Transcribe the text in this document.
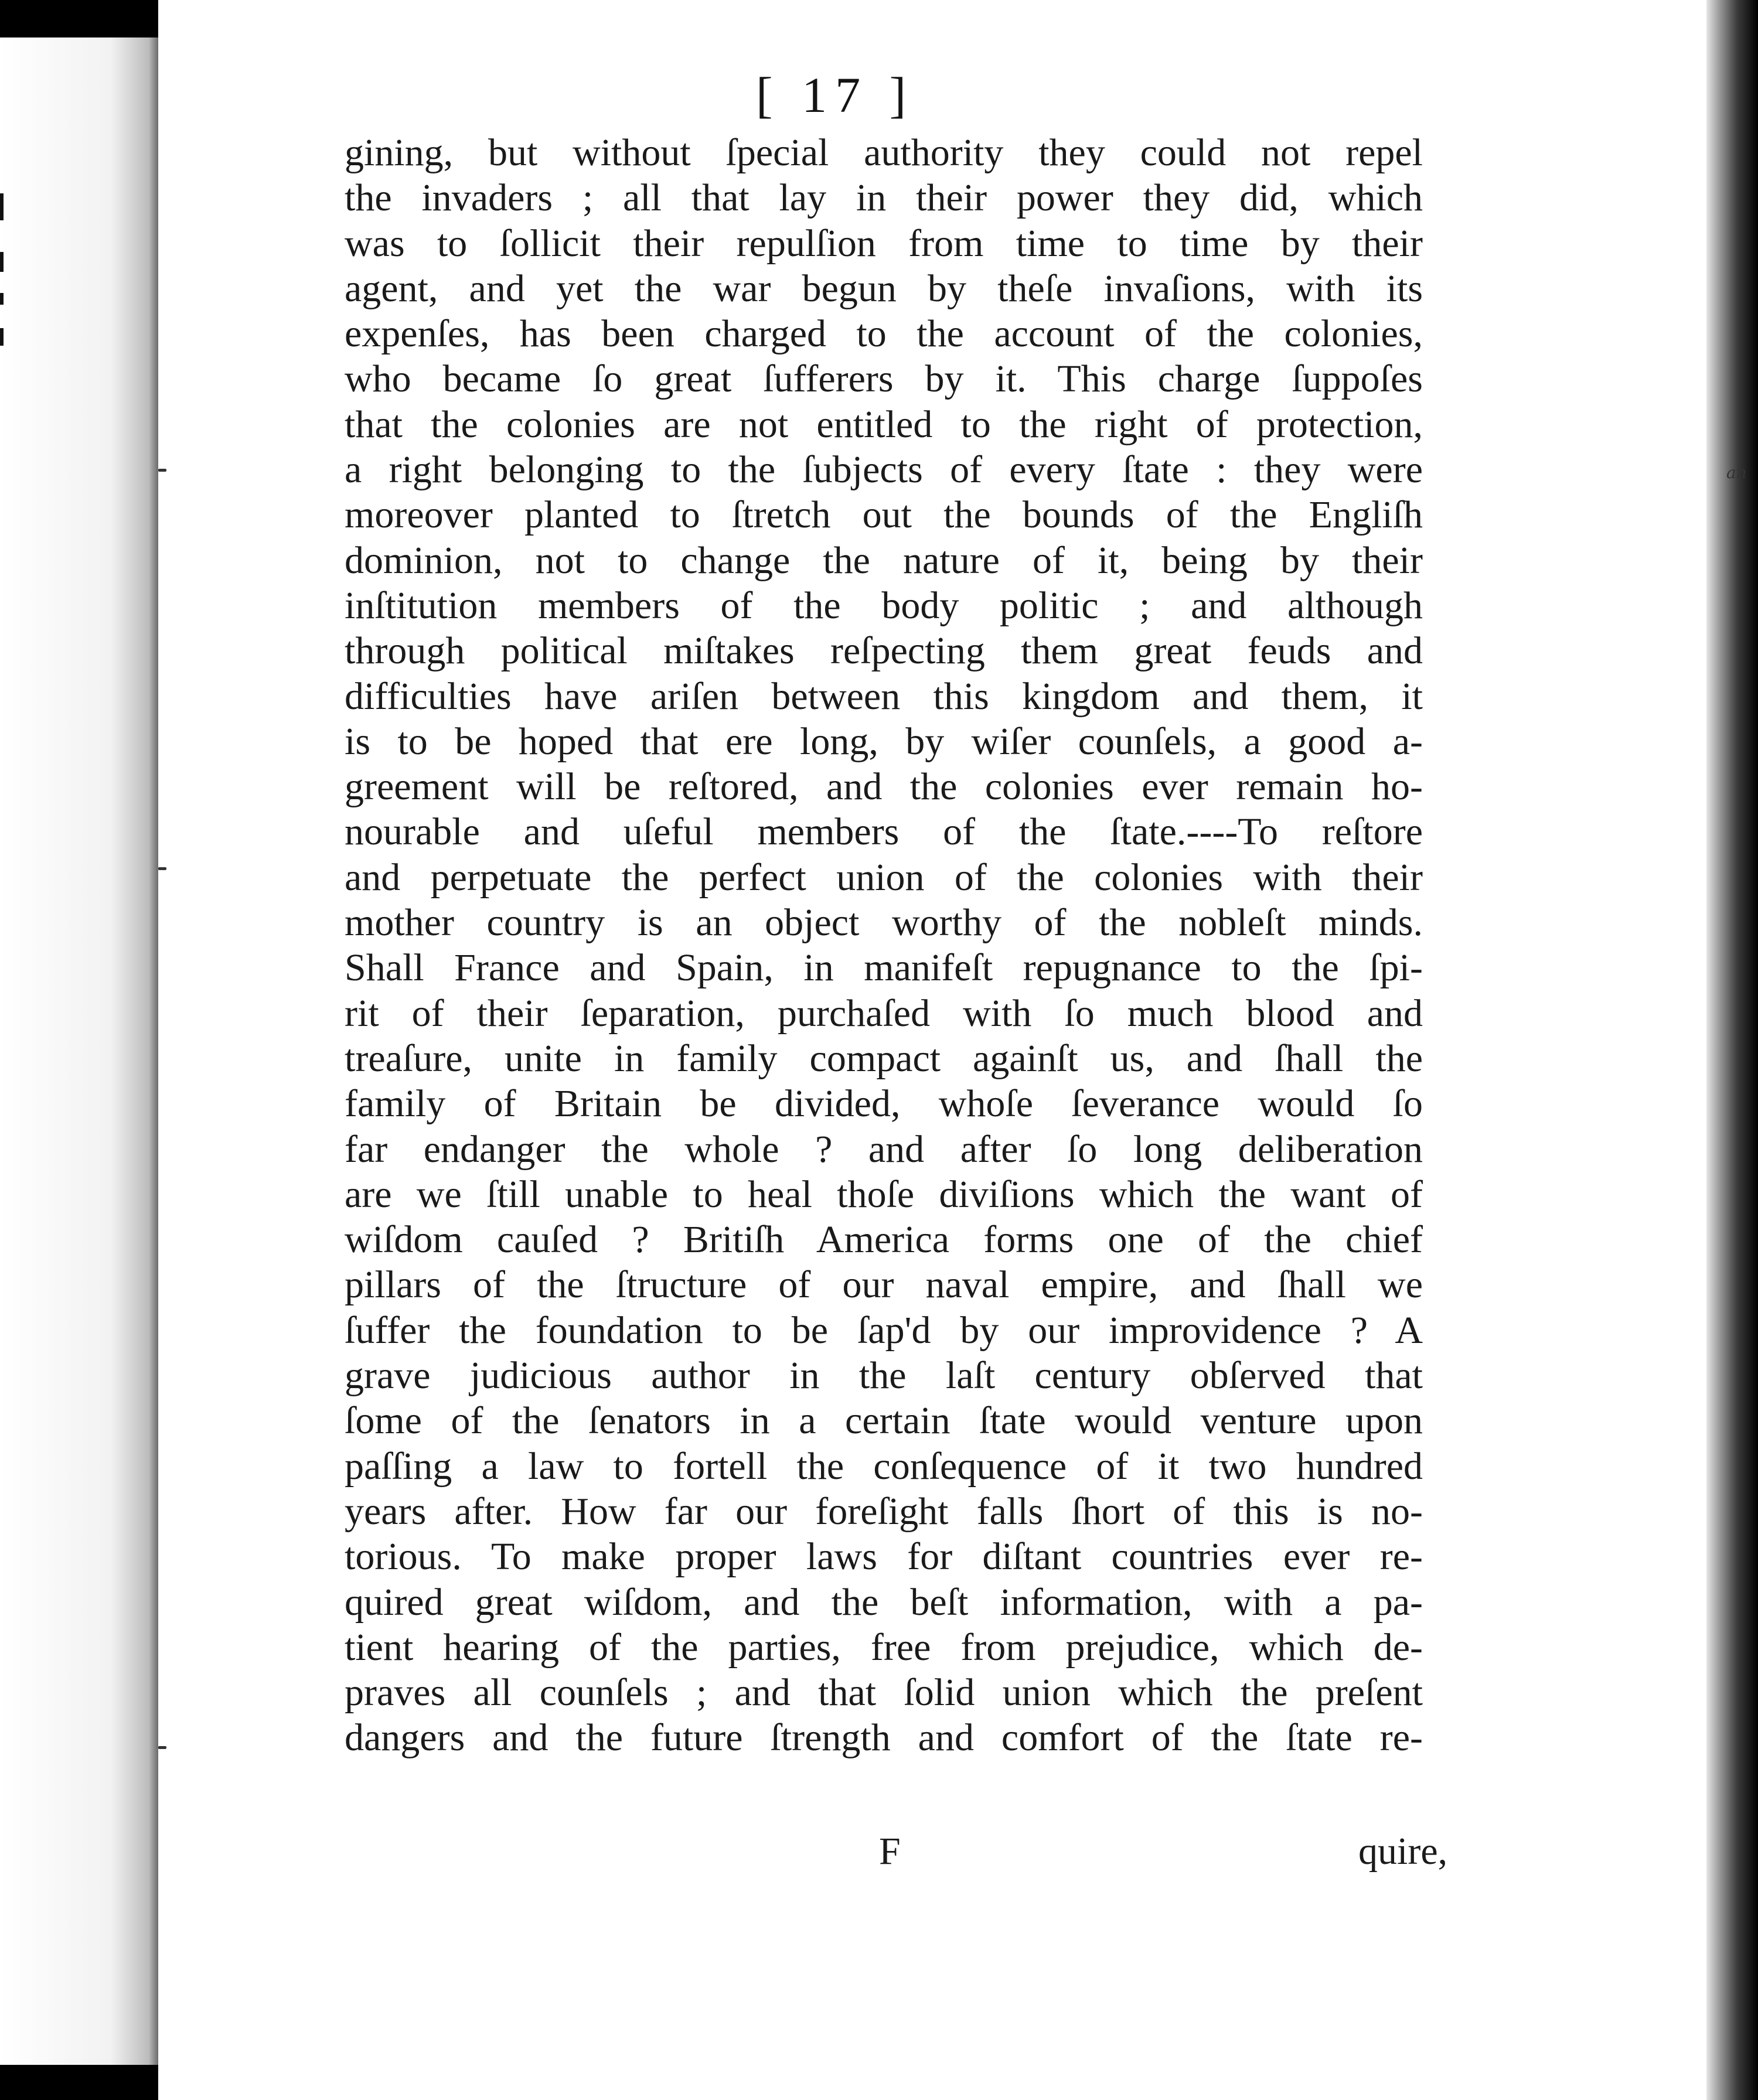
an
[ 17 ]
gining, but without ſpecial authority they could not repel
the invaders ; all that lay in their power they did, which
was to ſollicit their repulſion from time to time by their
agent, and yet the war begun by theſe invaſions, with its
expenſes, has been charged to the account of the colonies,
who became ſo great ſufferers by it. This charge ſuppoſes
that the colonies are not entitled to the right of protection,
a right belonging to the ſubjects of every ſtate : they were
moreover planted to ſtretch out the bounds of the Engliſh
dominion, not to change the nature of it, being by their
inſtitution members of the body politic ; and although
through political miſtakes reſpecting them great feuds and
difficulties have ariſen between this kingdom and them, it
is to be hoped that ere long, by wiſer counſels, a good a-
greement will be reſtored, and the colonies ever remain ho-
nourable and uſeful members of the ſtate.----To reſtore
and perpetuate the perfect union of the colonies with their
mother country is an object worthy of the nobleſt minds.
Shall France and Spain, in manifeſt repugnance to the ſpi-
rit of their ſeparation, purchaſed with ſo much blood and
treaſure, unite in family compact againſt us, and ſhall the
family of Britain be divided, whoſe ſeverance would ſo
far endanger the whole ? and after ſo long deliberation
are we ſtill unable to heal thoſe diviſions which the want of
wiſdom cauſed ? Britiſh America forms one of the chief
pillars of the ſtructure of our naval empire, and ſhall we
ſuffer the foundation to be ſap'd by our improvidence ? A
grave judicious author in the laſt century obſerved that
ſome of the ſenators in a certain ſtate would venture upon
paſſing a law to fortell the conſequence of it two hundred
years after. How far our foreſight falls ſhort of this is no-
torious. To make proper laws for diſtant countries ever re-
quired great wiſdom, and the beſt information, with a pa-
tient hearing of the parties, free from prejudice, which de-
praves all counſels ; and that ſolid union which the preſent
dangers and the future ſtrength and comfort of the ſtate re-
F	quire,
